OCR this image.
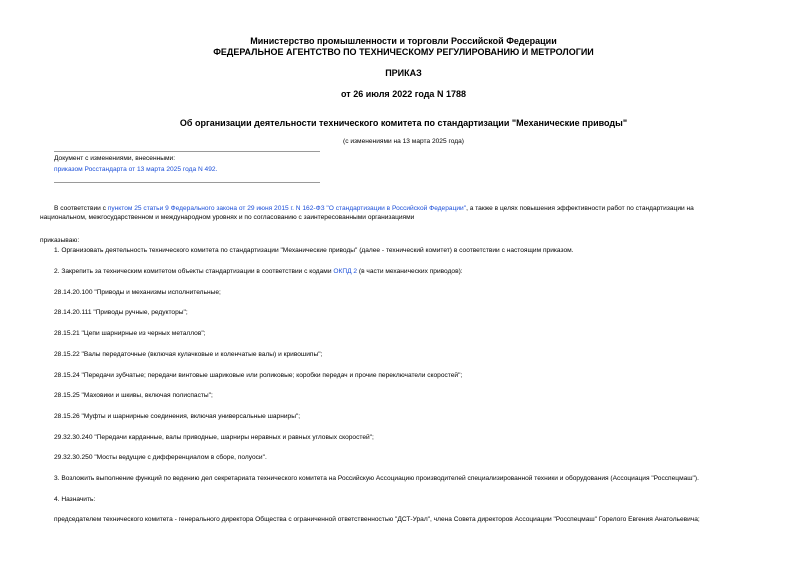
Министерство промышленности и торговли Российской Федерации
ФЕДЕРАЛЬНОЕ АГЕНТСТВО ПО ТЕХНИЧЕСКОМУ РЕГУЛИРОВАНИЮ И МЕТРОЛОГИИ
ПРИКАЗ
от 26 июля 2022 года N 1788
Об организации деятельности технического комитета по стандартизации "Механические приводы"
(с изменениями на 13 марта 2025 года)
Документ с изменениями, внесенными:
приказом Росстандарта от 13 марта 2025 года N 492.
В соответствии с пунктом 25 статьи 9 Федерального закона от 29 июня 2015 г. N 162-ФЗ "О стандартизации в Российской Федерации", а также в целях повышения эффективности работ по стандартизации на
национальном, межгосударственном и международном уровнях и по согласованию с заинтересованными организациями
приказываю:
1. Организовать деятельность технического комитета по стандартизации "Механические приводы" (далее - технический комитет) в соответствии с настоящим приказом.
2. Закрепить за техническим комитетом объекты стандартизации в соответствии с кодами ОКПД 2 (в части механических приводов):
28.14.20.100 "Приводы и механизмы исполнительные;
28.14.20.111 "Приводы ручные, редукторы";
28.15.21 "Цепи шарнирные из черных металлов";
28.15.22 "Валы передаточные (включая кулачковые и коленчатые валы) и кривошипы";
28.15.24 "Передачи зубчатые; передачи винтовые шариковые или роликовые; коробки передач и прочие переключатели скоростей";
28.15.25 "Маховики и шкивы, включая полиспасты";
28.15.26 "Муфты и шарнирные соединения, включая универсальные шарниры";
29.32.30.240 "Передачи карданные, валы приводные, шарниры неравных и равных угловых скоростей";
29.32.30.250 "Мосты ведущие с дифференциалом в сборе, полуоси".
3. Возложить выполнение функций по ведению дел секретариата технического комитета на Российскую Ассоциацию производителей специализированной техники и оборудования (Ассоциация "Росспецмаш").
4. Назначить:
председателем технического комитета - генерального директора Общества с ограниченной ответственностью "ДСТ-Урал", члена Совета директоров Ассоциации "Росспецмаш" Горелого Евгения Анатольевича;
